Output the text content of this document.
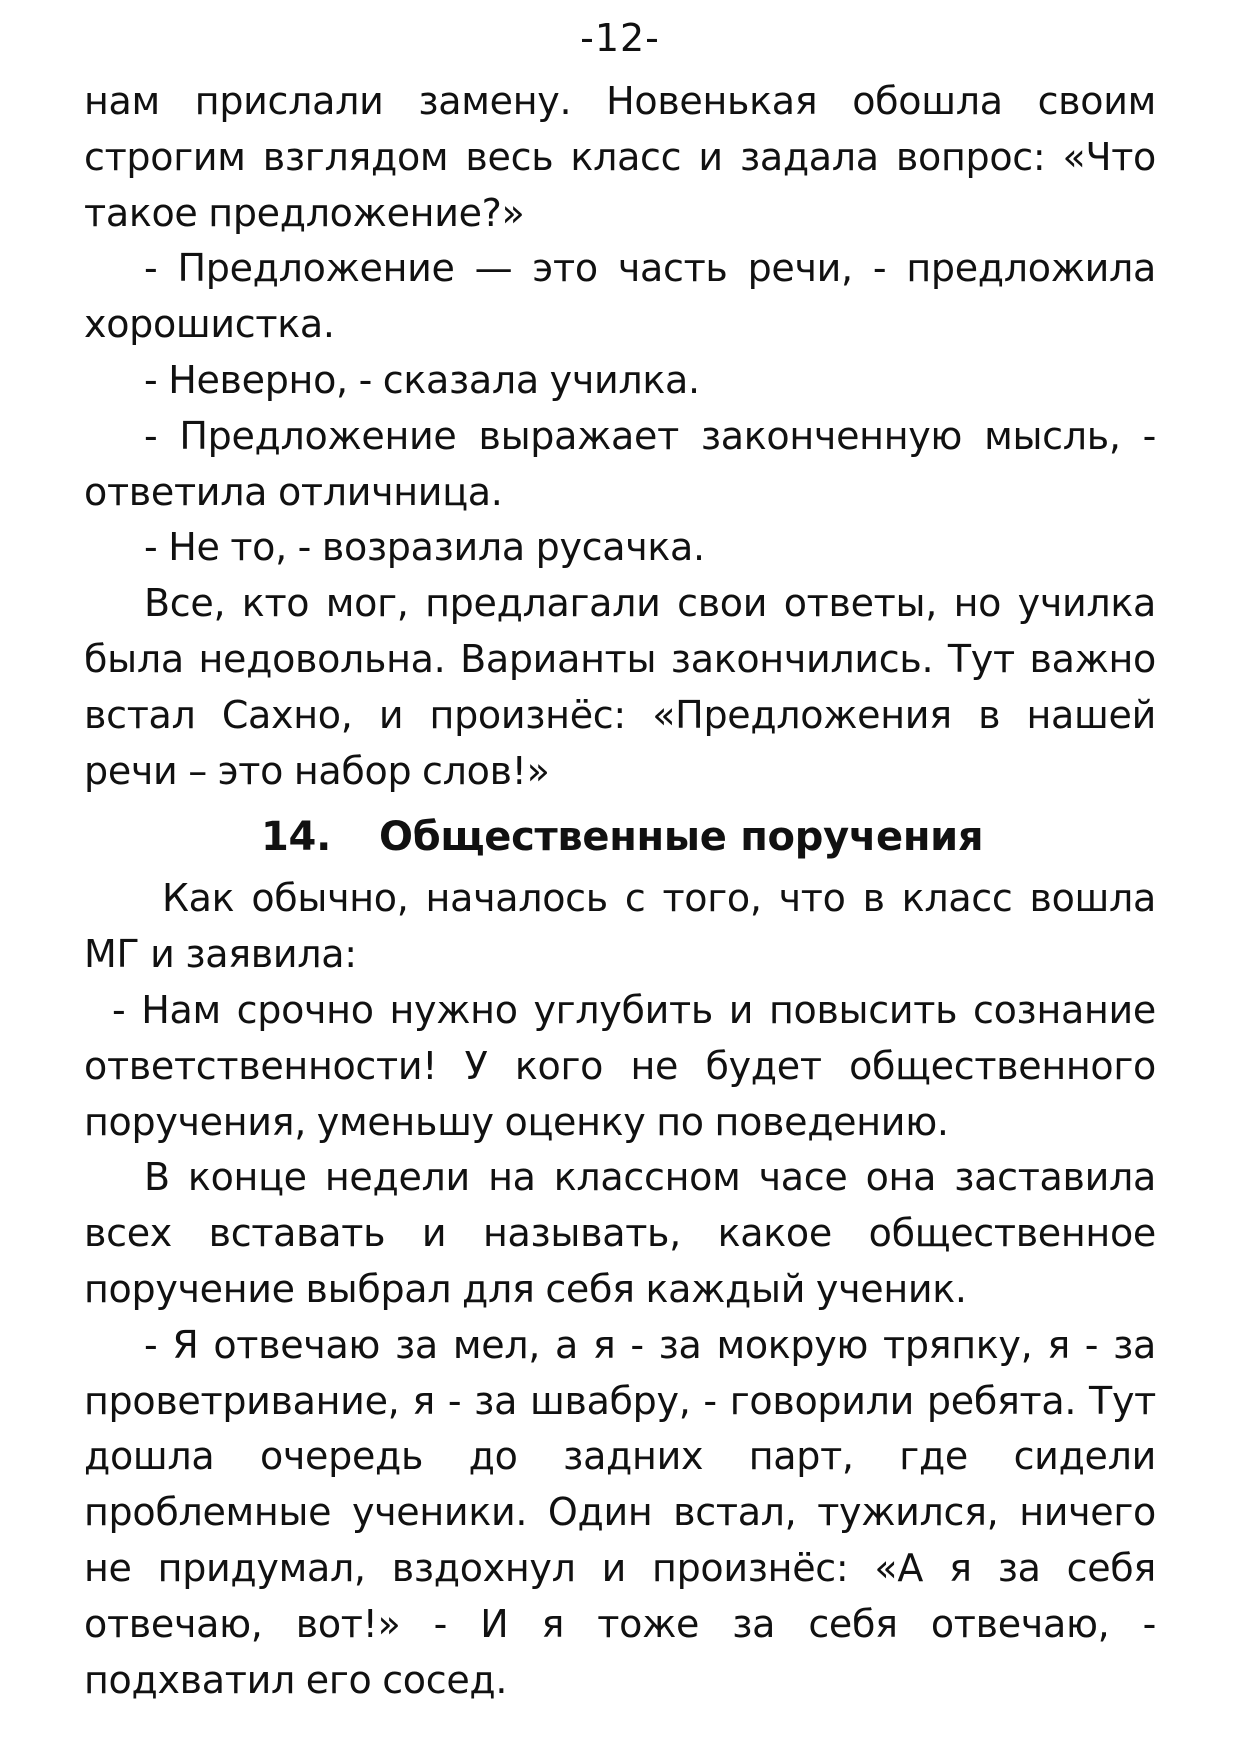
-12-

нам прислали замену. Новенькая обошла своим строгим взглядом весь класс и задала вопрос: «Что такое предложение?»

- Предложение — это часть речи, - предложила хорошистка.

- Неверно, - сказала училка.

- Предложение выражает законченную мысль, - ответила отличница.

- Не то, - возразила русачка.

Все, кто мог, предлагали свои ответы, но училка была недовольна. Варианты закончились. Тут важно встал Сахно, и произнёс: «Предложения в нашей речи – это набор слов!»

14. Общественные поручения

Как обычно, началось с того, что в класс вошла МГ и заявила:

- Нам срочно нужно углубить и повысить сознание ответственности! У кого не будет общественного поручения, уменьшу оценку по поведению.

В конце недели на классном часе она заставила всех вставать и называть, какое общественное поручение выбрал для себя каждый ученик.

- Я отвечаю за мел, а я - за мокрую тряпку, я - за проветривание, я - за швабру, - говорили ребята. Тут дошла очередь до задних парт, где сидели проблемные ученики. Один встал, тужился, ничего не придумал, вздохнул и произнёс: «А я за себя отвечаю, вот!» - И я тоже за себя отвечаю, - подхватил его сосед.
